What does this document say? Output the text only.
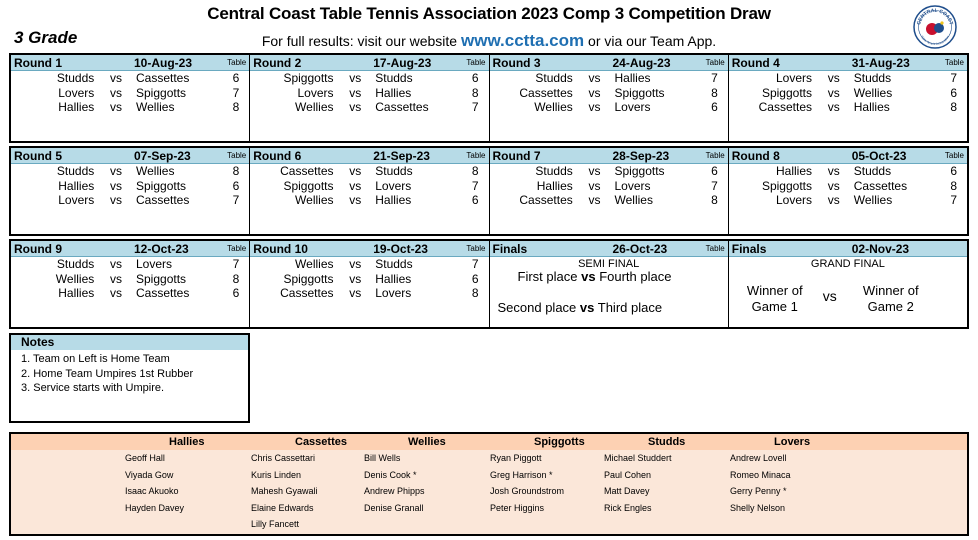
Central Coast Table Tennis Association 2023 Comp 3 Competition Draw
3 Grade	For full results: visit our website www.cctta.com or via our Team App.
CENTRAL COAST
Table Tennis Association
Round 1	10-Aug-23	Table
Studds vs Cassettes	6
Lovers vs Spiggotts	7
Hallies vs Wellies	8
Round 2	17-Aug-23	Table
Spiggotts vs Studds	6
Lovers vs Hallies	8
Wellies vs Cassettes	7
Round 3	24-Aug-23	Table
Studds vs Hallies	7
Cassettes vs Spiggotts	8
Wellies vs Lovers	6
Round 4	31-Aug-23	Table
Lovers vs Studds	7
Spiggotts vs Wellies	6
Cassettes vs Hallies	8
Round 5	07-Sep-23	Table
Studds vs Wellies	8
Hallies vs Spiggotts	6
Lovers vs Cassettes	7
Round 6	21-Sep-23	Table
Cassettes vs Studds	8
Spiggotts vs Lovers	7
Wellies vs Hallies	6
Round 7	28-Sep-23	Table
Studds vs Spiggotts	6
Hallies vs Lovers	7
Cassettes vs Wellies	8
Round 8	05-Oct-23	Table
Hallies vs Studds	6
Spiggotts vs Cassettes	8
Lovers vs Wellies	7
Round 9	12-Oct-23	Table
Studds vs Lovers	7
Wellies vs Spiggotts	8
Hallies vs Cassettes	6
Round 10	19-Oct-23	Table
Wellies vs Studds	7
Spiggotts vs Hallies	6
Cassettes vs Lovers	8
Finals	26-Oct-23	Table
SEMI FINAL
First place vs Fourth place
Second place vs Third place
Finals	02-Nov-23
GRAND FINAL
Winner of
Game 1
vs	Winner of
Game 2
Notes
1. Team on Left is Home Team
2. Home Team Umpires 1st Rubber
3. Service starts with Umpire.
Hallies
Geoff Hall
Viyada Gow
Isaac Akuoko
Hayden Davey
Cassettes
Chris Cassettari
Kuris Linden
Mahesh Gyawali
Elaine Edwards
Lilly Fancett
Wellies
Bill Wells
Denis Cook *
Andrew Phipps
Denise Granall
Spiggotts
Ryan Piggott
Greg Harrison *
Josh Groundstrom
Peter Higgins
Studds
Michael Studdert
Paul Cohen
Matt Davey
Rick Engles
Lovers
Andrew Lovell
Romeo Minaca
Gerry Penny *
Shelly Nelson
